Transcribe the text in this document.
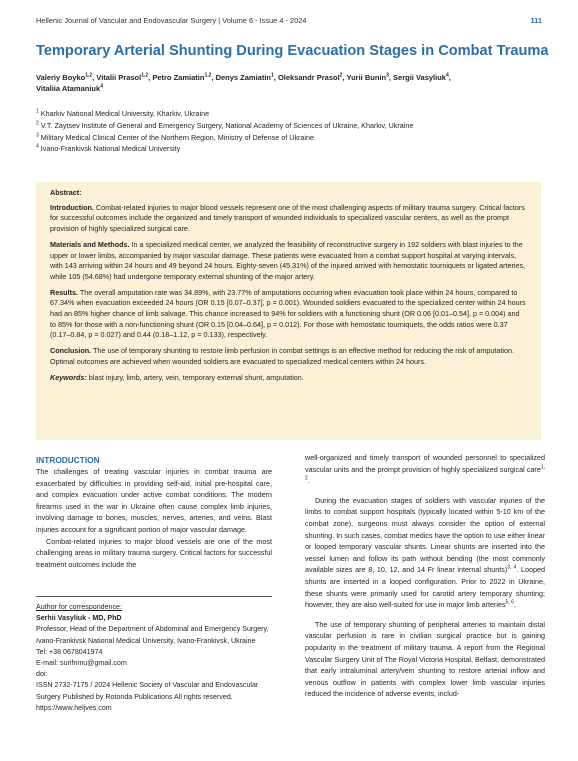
Hellenic Journal of Vascular and Endovascular Surgery | Volume 6 - Issue 4 - 2024	111
Temporary Arterial Shunting During Evacuation Stages in Combat Trauma
Valeriy Boyko$^{1,2}$, Vitalii Prasol$^{1,2}$, Petro Zamiatin$^{1,2}$, Denys Zamiatin$^1$, Oleksandr Prasol$^2$, Yurii Bunin$^3$, Sergii Vasyliuk$^4$,
Vitaliia Atamaniuk$^4$
$^1$ Kharkiv National Medical University, Kharkiv, Ukraine
$^2$ V.T. Zaytsev Institute of General and Emergency Surgery, National Academy of Sciences of Ukraine, Kharkiv, Ukraine
$^3$ Military Medical Clinical Center of the Northern Region, Ministry of Defense of Ukraine
$^4$ Ivano-Frankivsk National Medical University

Abstract:

Introduction. Combat-related injuries to major blood vessels represent one of the most challenging aspects of military trauma surgery. Critical factors for successful outcomes include the organized and timely transport of wounded individuals to specialized vascular centers, as well as the prompt provision of highly specialized surgical care.

Materials and Methods. In a specialized medical center, we analyzed the feasibility of reconstructive surgery in 192 soldiers with blast injuries to the upper or lower limbs, accompanied by major vascular damage. These patients were evacuated from a combat support hospital at varying intervals, with 143 arriving within 24 hours and 49 beyond 24 hours. Eighty-seven (45.31%) of the injured arrived with hemostatic tourniquets or ligated arteries, while 105 (54.68%) had undergone temporary external shunting of the major artery.

Results. The overall amputation rate was 34.89%, with 23.77% of amputations occurring when evacuation took place within 24 hours, compared to 67.34% when evacuation exceeded 24 hours (OR 0.15 [0.07–0.37], p = 0.001). Wounded soldiers evacuated to the specialized center within 24 hours had an 85% higher chance of limb salvage. This chance increased to 94% for soldiers with a functioning shunt (OR 0.06 [0.01–0.54], p = 0.004) and to 85% for those with a non-functioning shunt (OR 0.15 [0.04–0.64], p = 0.012). For those with hemostatic tourniquets, the odds ratios were 0.37 (0.17–0.84, p = 0.027) and 0.44 (0.18–1.12, p = 0.133), respectively.

Conclusion. The use of temporary shunting to restore limb perfusion in combat settings is an effective method for reducing the risk of amputation. Optimal outcomes are achieved when wounded soldiers are evacuated to specialized medical centers within 24 hours.

Keywords: blast injury, limb, artery, vein, temporary external shunt, amputation.

INTRODUCTION

The challenges of treating vascular injuries in combat trauma are exacerbated by difficulties in providing self-aid, initial pre-hospital care, and complex evacuation under active combat conditions. The modern firearms used in the war in Ukraine often cause complex limb injuries, involving damage to bones, muscles, nerves, arteries, and veins. Blast injuries account for a significant portion of major vascular damage.

Combat-related injuries to major blood vessels are one of the most challenging areas in military trauma surgery. Critical factors for successful treatment outcomes include the

Author for correspondence:
Serhii Vasyliuk - MD, PhD
Professor, Head of the Department of Abdominal and Emergency Surgery, Ivano-Frankivsk National Medical University, Ivano-Frankivsk, Ukraine
Tel: +38 0678041974
E-mail: surifnmu@gmail.com
doi:
ISSN 2732-7175 / 2024 Hellenic Society of Vascular and Endovascular Surgery Published by Rotonda Publications All rights reserved. https://www.heljves.com

well-organized and timely transport of wounded personnel to specialized vascular units and the prompt provision of highly specialized surgical care$^{1, 2}$.

During the evacuation stages of soldiers with vascular injuries of the limbs to combat support hospitals (typically located within 5-10 km of the combat zone), surgeons must always consider the option of external shunting. In such cases, combat medics have the option to use either linear or looped temporary vascular shunts. Linear shunts are inserted into the vessel lumen and follow its path without bending (the most commonly available sizes are 8, 10, 12, and 14 Fr linear internal shunts)$^{3, 4}$. Looped shunts are inserted in a looped configuration. Prior to 2022 in Ukraine, these shunts were primarily used for carotid artery temporary shunting; however, they are also well-suited for use in major limb arteries$^{5, 6}$.

The use of temporary shunting of peripheral arteries to maintain distal vascular perfusion is rare in civilian surgical practice but is gaining popularity in the treatment of military trauma. A report from the Regional Vascular Surgery Unit of The Royal Victoria Hospital, Belfast, demonstrated that early intraluminal artery/vein shunting to restore arterial inflow and venous outflow in patients with complex lower limb vascular injuries reduced the incidence of adverse events, includ-
